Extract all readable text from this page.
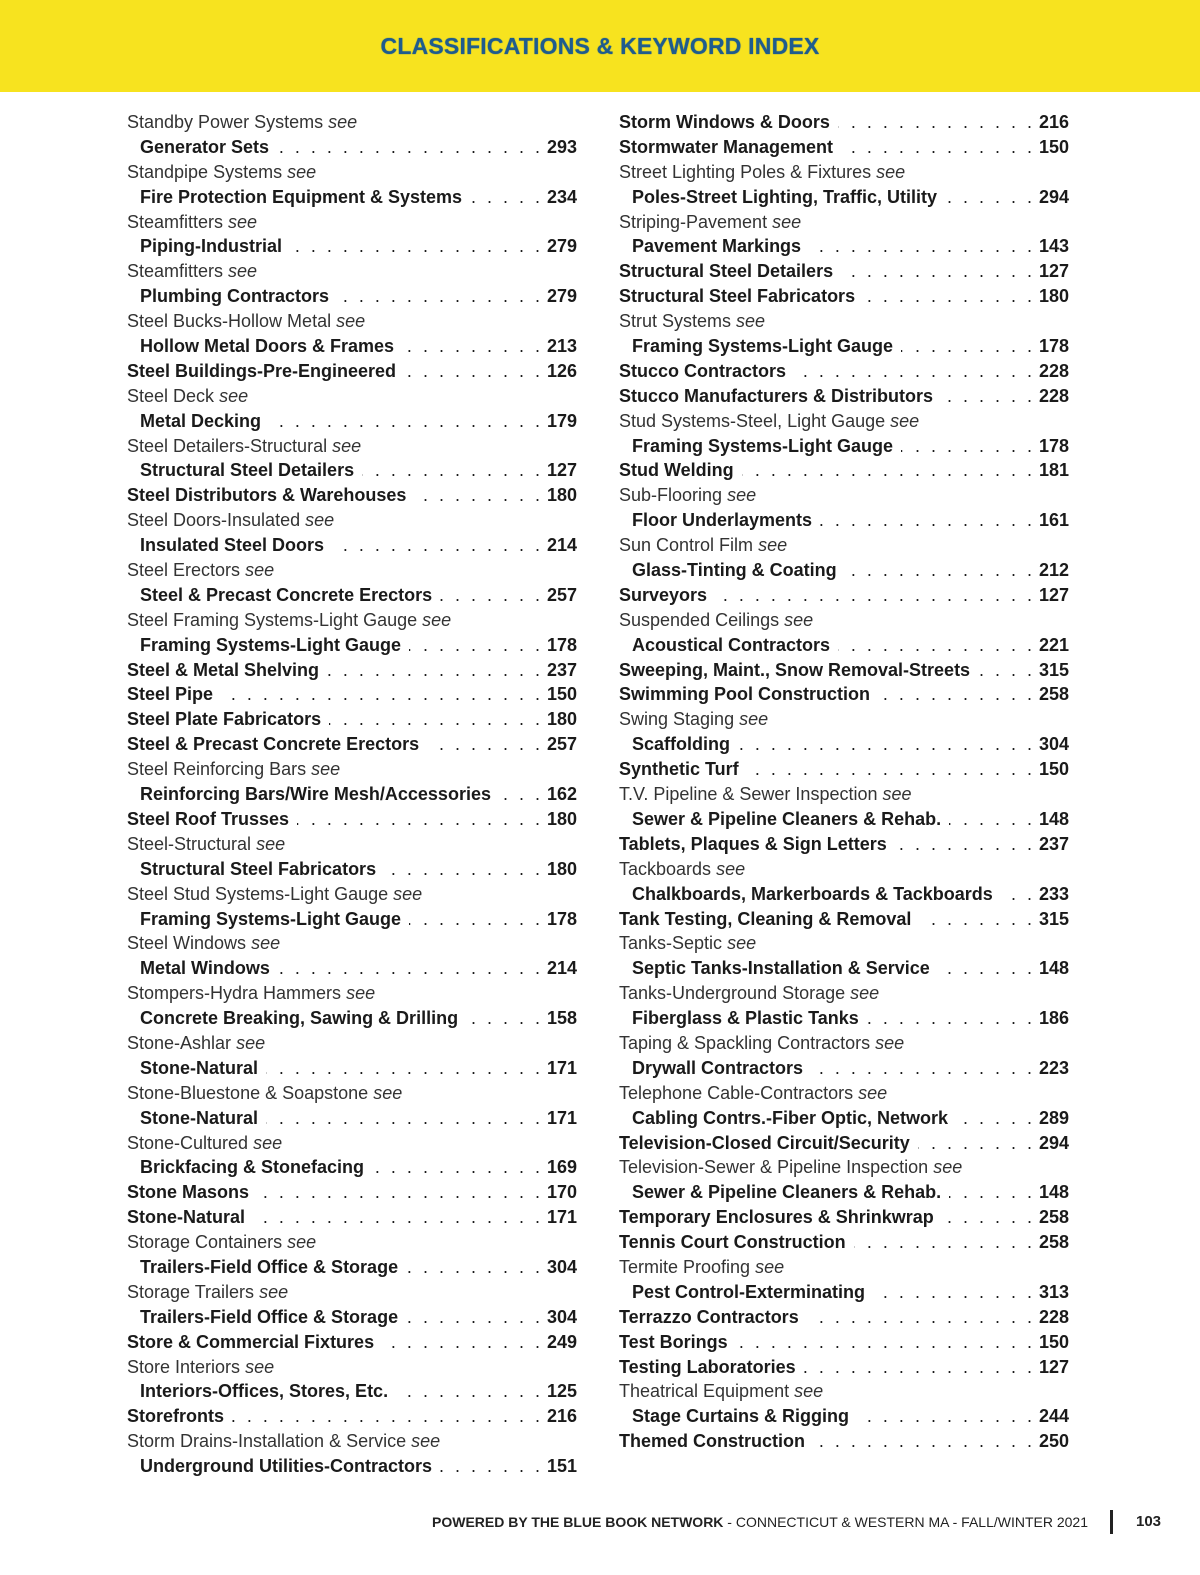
CLASSIFICATIONS & KEYWORD INDEX
Standby Power Systems see
Generator Sets . . .	293
Standpipe Systems see
Fire Protection Equipment & Systems . . .	234
Steamfitters see
Piping-Industrial . . .	279
Steamfitters see
Plumbing Contractors . . .	279
Steel Bucks-Hollow Metal see
Hollow Metal Doors & Frames . . .	213
Steel Buildings-Pre-Engineered . . .	126
Steel Deck see
Metal Decking . . .	179
Steel Detailers-Structural see
Structural Steel Detailers . . .	127
Steel Distributors & Warehouses . . .	180
Steel Doors-Insulated see
Insulated Steel Doors . . .	214
Steel Erectors see
Steel & Precast Concrete Erectors . . .	257
Steel Framing Systems-Light Gauge see
Framing Systems-Light Gauge . . .	178
Steel & Metal Shelving . . .	237
Steel Pipe . . .	150
Steel Plate Fabricators . . .	180
Steel & Precast Concrete Erectors . . .	257
Steel Reinforcing Bars see
Reinforcing Bars/Wire Mesh/Accessories . . .	162
Steel Roof Trusses . . .	180
Steel-Structural see
Structural Steel Fabricators . . .	180
Steel Stud Systems-Light Gauge see
Framing Systems-Light Gauge . . .	178
Steel Windows see
Metal Windows . . .	214
Stompers-Hydra Hammers see
Concrete Breaking, Sawing & Drilling . . .	158
Stone-Ashlar see
Stone-Natural . . .	171
Stone-Bluestone & Soapstone see
Stone-Natural . . .	171
Stone-Cultured see
Brickfacing & Stonefacing . . .	169
Stone Masons . . .	170
Stone-Natural . . .	171
Storage Containers see
Trailers-Field Office & Storage . . .	304
Storage Trailers see
Trailers-Field Office & Storage . . .	304
Store & Commercial Fixtures . . .	249
Store Interiors see
Interiors-Offices, Stores, Etc. . . .	125
Storefronts . . .	216
Storm Drains-Installation & Service see
Underground Utilities-Contractors . . .	151
Storm Windows & Doors . . .	216
Stormwater Management . . .	150
Street Lighting Poles & Fixtures see
Poles-Street Lighting, Traffic, Utility . . .	294
Striping-Pavement see
Pavement Markings . . .	143
Structural Steel Detailers . . .	127
Structural Steel Fabricators . . .	180
Strut Systems see
Framing Systems-Light Gauge . . .	178
Stucco Contractors . . .	228
Stucco Manufacturers & Distributors . . .	228
Stud Systems-Steel, Light Gauge see
Framing Systems-Light Gauge . . .	178
Stud Welding . . .	181
Sub-Flooring see
Floor Underlayments . . .	161
Sun Control Film see
Glass-Tinting & Coating . . .	212
Surveyors . . .	127
Suspended Ceilings see
Acoustical Contractors . . .	221
Sweeping, Maint., Snow Removal-Streets . . .	315
Swimming Pool Construction . . .	258
Swing Staging see
Scaffolding . . .	304
Synthetic Turf . . .	150
T.V. Pipeline & Sewer Inspection see
Sewer & Pipeline Cleaners & Rehab. . . .	148
Tablets, Plaques & Sign Letters . . .	237
Tackboards see
Chalkboards, Markerboards & Tackboards . . .	233
Tank Testing, Cleaning & Removal . . .	315
Tanks-Septic see
Septic Tanks-Installation & Service . . .	148
Tanks-Underground Storage see
Fiberglass & Plastic Tanks . . .	186
Taping & Spackling Contractors see
Drywall Contractors . . .	223
Telephone Cable-Contractors see
Cabling Contrs.-Fiber Optic, Network . . .	289
Television-Closed Circuit/Security . . .	294
Television-Sewer & Pipeline Inspection see
Sewer & Pipeline Cleaners & Rehab. . . .	148
Temporary Enclosures & Shrinkwrap . . .	258
Tennis Court Construction . . .	258
Termite Proofing see
Pest Control-Exterminating . . .	313
Terrazzo Contractors . . .	228
Test Borings . . .	150
Testing Laboratories . . .	127
Theatrical Equipment see
Stage Curtains & Rigging . . .	244
Themed Construction . . .	250
POWERED BY THE BLUE BOOK NETWORK - CONNECTICUT & WESTERN MA - FALL/WINTER 2021	103
